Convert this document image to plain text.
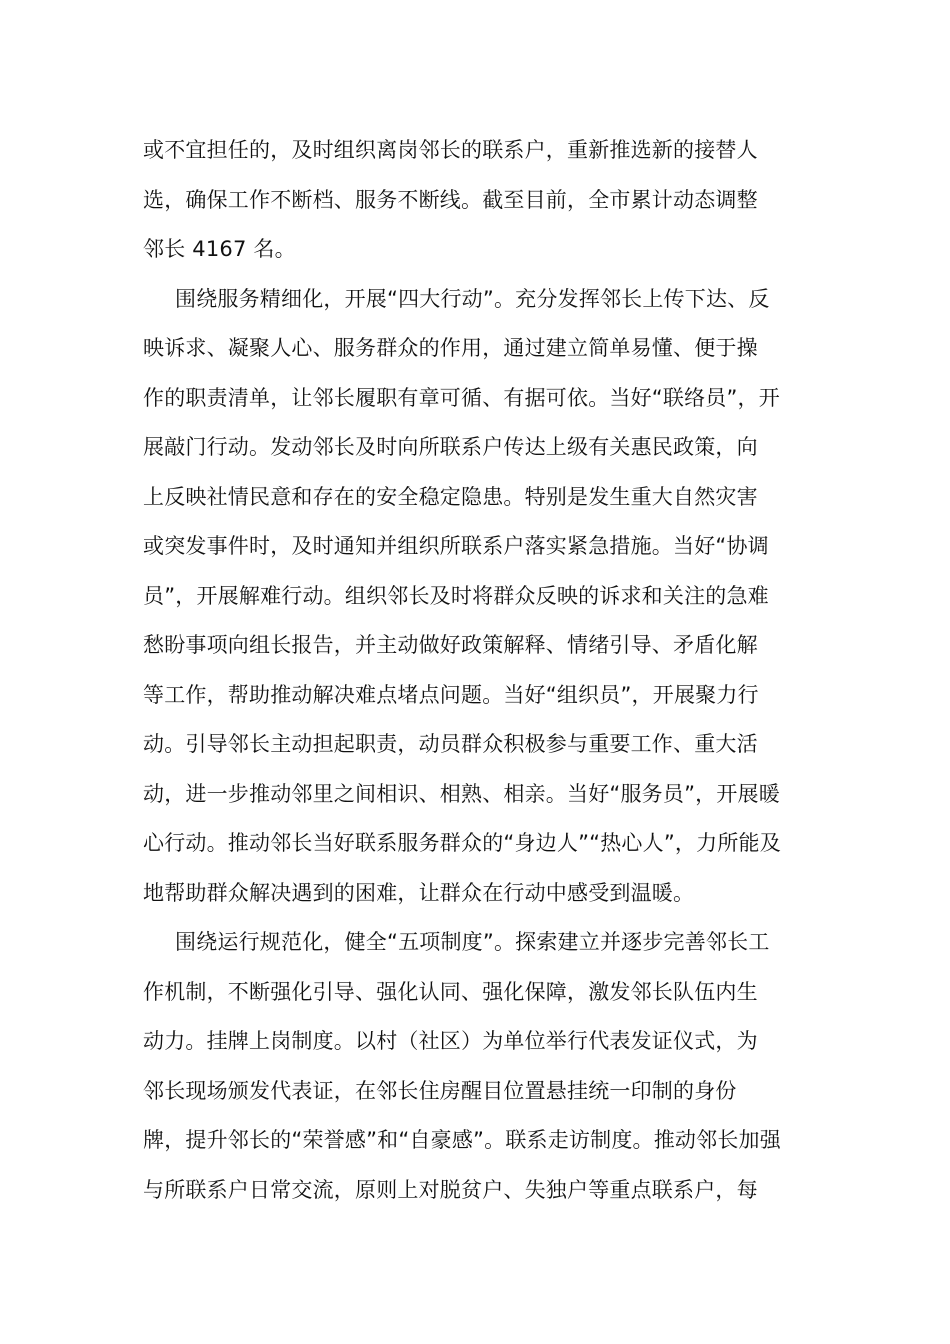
或不宜担任的，及时组织离岗邻长的联系户，重新推选新的接替人
选，确保工作不断档、服务不断线。截至目前，全市累计动态调整
邻长 4167 名。
围绕服务精细化，开展“四大行动”。充分发挥邻长上传下达、反
映诉求、凝聚人心、服务群众的作用，通过建立简单易懂、便于操
作的职责清单，让邻长履职有章可循、有据可依。当好“联络员”，开
展敲门行动。发动邻长及时向所联系户传达上级有关惠民政策，向
上反映社情民意和存在的安全稳定隐患。特别是发生重大自然灾害
或突发事件时，及时通知并组织所联系户落实紧急措施。当好“协调
员”，开展解难行动。组织邻长及时将群众反映的诉求和关注的急难
愁盼事项向组长报告，并主动做好政策解释、情绪引导、矛盾化解
等工作，帮助推动解决难点堵点问题。当好“组织员”，开展聚力行
动。引导邻长主动担起职责，动员群众积极参与重要工作、重大活
动，进一步推动邻里之间相识、相熟、相亲。当好“服务员”，开展暖
心行动。推动邻长当好联系服务群众的“身边人”“热心人”，力所能及
地帮助群众解决遇到的困难，让群众在行动中感受到温暖。
围绕运行规范化，健全“五项制度”。探索建立并逐步完善邻长工
作机制，不断强化引导、强化认同、强化保障，激发邻长队伍内生
动力。挂牌上岗制度。以村（社区）为单位举行代表发证仪式，为
邻长现场颁发代表证，在邻长住房醒目位置悬挂统一印制的身份
牌，提升邻长的“荣誉感”和“自豪感”。联系走访制度。推动邻长加强
与所联系户日常交流，原则上对脱贫户、失独户等重点联系户，每
